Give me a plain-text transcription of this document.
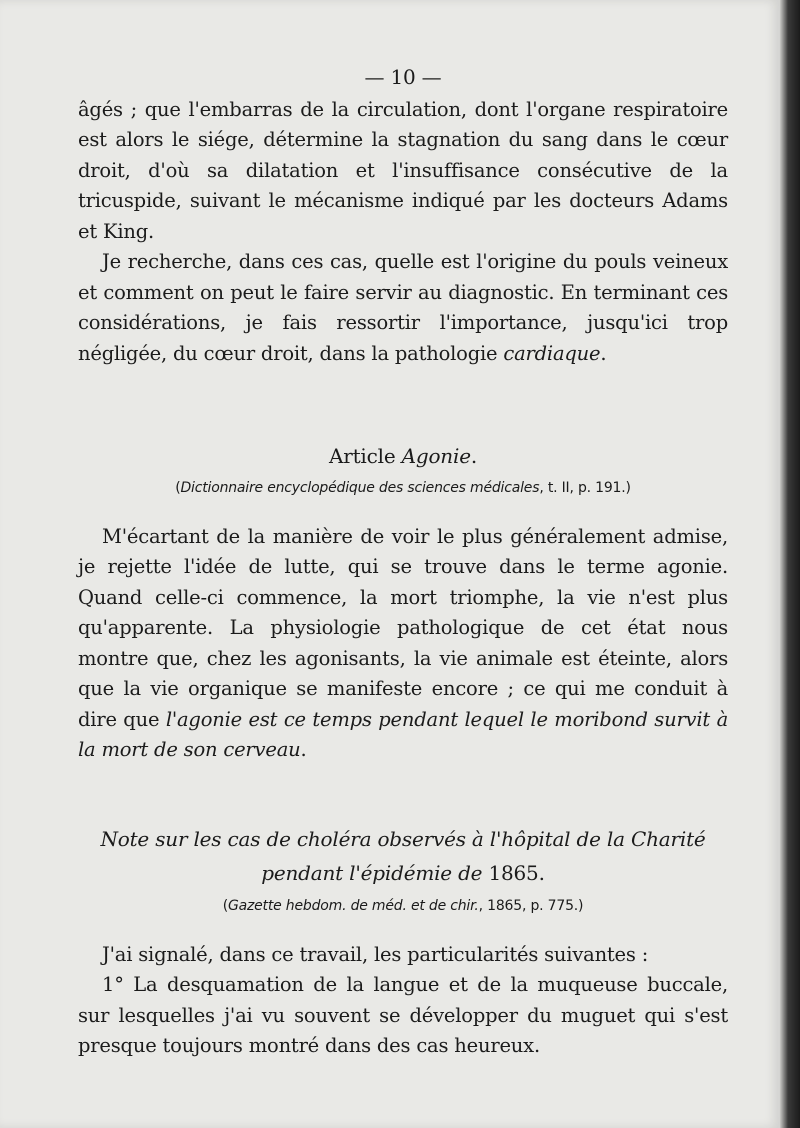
— 10 —

âgés ; que l'embarras de la circulation, dont l'organe respiratoire est alors le siége, détermine la stagnation du sang dans le cœur droit, d'où sa dilatation et l'insuffisance consécutive de la tricuspide, suivant le mécanisme indiqué par les docteurs Adams et King.

Je recherche, dans ces cas, quelle est l'origine du pouls veineux et comment on peut le faire servir au diagnostic. En terminant ces considérations, je fais ressortir l'importance, jusqu'ici trop négligée, du cœur droit, dans la pathologie cardiaque.

Article Agonie.
(Dictionnaire encyclopédique des sciences médicales, t. II, p. 191.)

M'écartant de la manière de voir le plus généralement admise, je rejette l'idée de lutte, qui se trouve dans le terme agonie. Quand celle-ci commence, la mort triomphe, la vie n'est plus qu'apparente. La physiologie pathologique de cet état nous montre que, chez les agonisants, la vie animale est éteinte, alors que la vie organique se manifeste encore ; ce qui me conduit à dire que l'agonie est ce temps pendant lequel le moribond survit à la mort de son cerveau.

Note sur les cas de choléra observés à l'hôpital de la Charité
pendant l'épidémie de 1865.
(Gazette hebdom. de méd. et de chir., 1865, p. 775.)

J'ai signalé, dans ce travail, les particularités suivantes :

1° La desquamation de la langue et de la muqueuse buccale, sur lesquelles j'ai vu souvent se développer du muguet qui s'est presque toujours montré dans des cas heureux.
